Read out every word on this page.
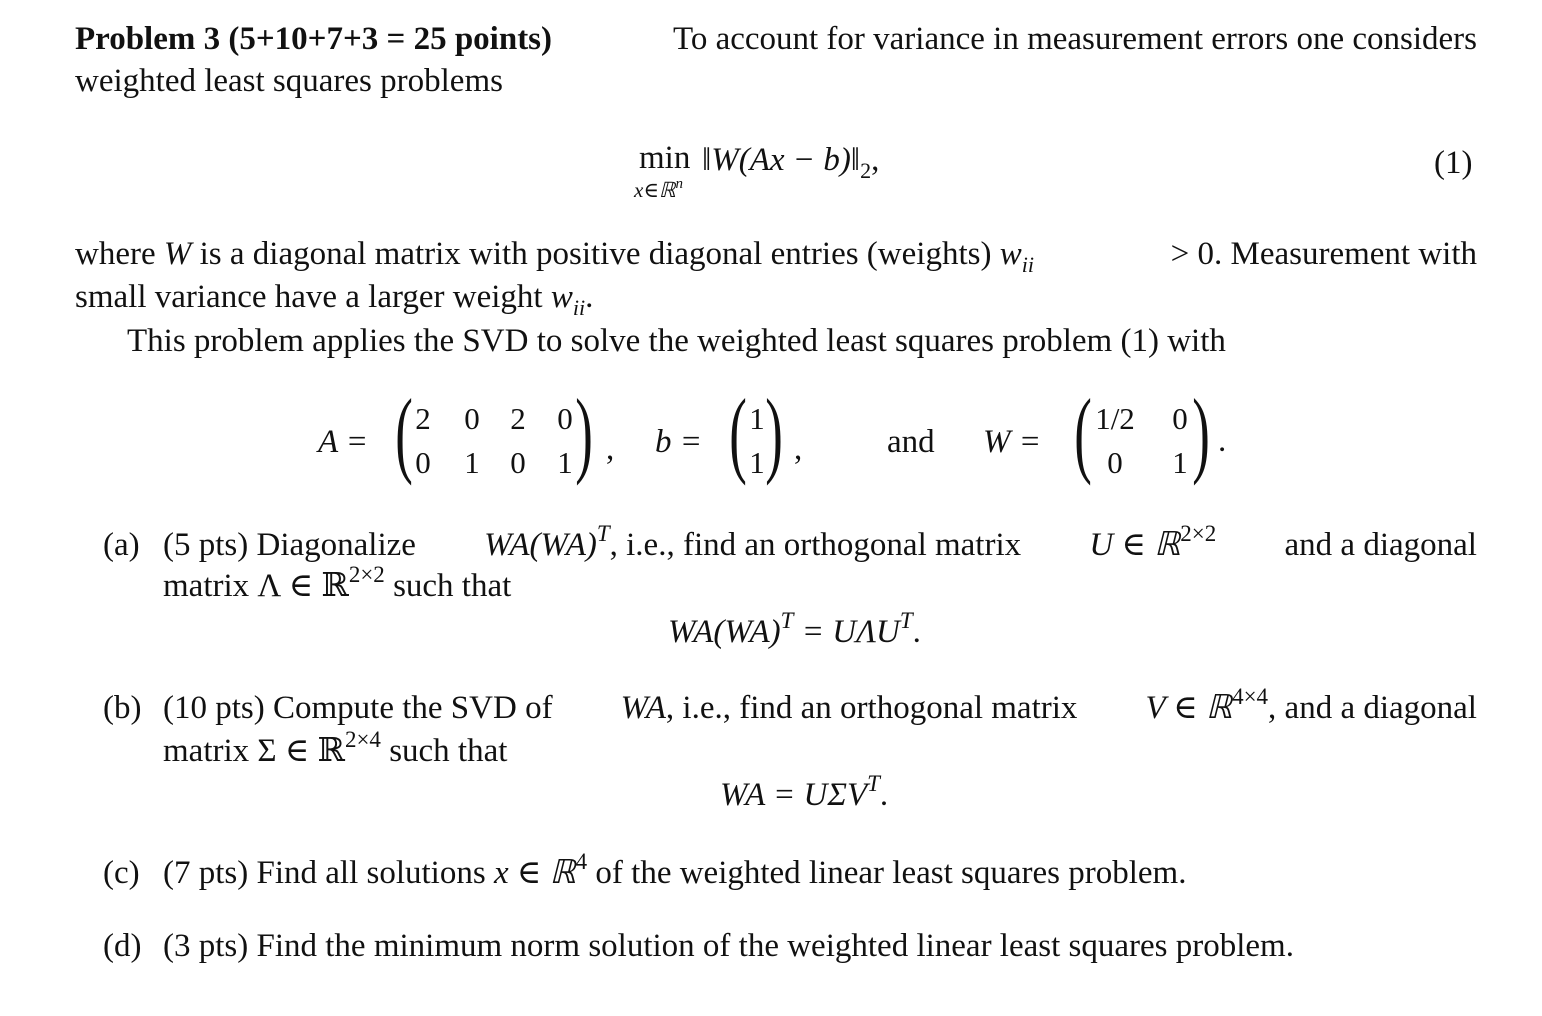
Problem 3 (5+10+7+3 = 25 points)	To account for variance in measurement errors one considers
weighted least squares problems
min
x∈ℝ$^n$
‖W(Ax − $b)‖_2$,	(1)
where W is a diagonal matrix with positive diagonal entries (weights) $w_{ii}$	> 0. Measurement with
small variance have a larger weight $w_{ii}$.
This problem applies the SVD to solve the weighted least squares problem (1) with
A = ( 2 0 2 0
0 1 0 1 ) , b = ( 1
1 ) ,	and W = ( 1/2	0
0	1 ) .
(a) (5 pts) Diagonalize WA(WA)$^T$, i.e., find an orthogonal matrix U ∈ ℝ$^{2\times 2}$ and a diagonal
matrix Λ ∈ ℝ$^{2\times 2}$ such that
$WA(WA)^T = U\Lambda U^T$.
(b) (10 pts) Compute the SVD of WA, i.e., find an orthogonal matrix V ∈ ℝ$^{4\times 4}$, and a diagonal
matrix Σ ∈ ℝ$^{2\times 4}$ such that
WA = $U\Sigma V^T$.
(c) (7 pts) Find all solutions x ∈ ℝ$^4$ of the weighted linear least squares problem.
(d) (3 pts) Find the minimum norm solution of the weighted linear least squares problem.
